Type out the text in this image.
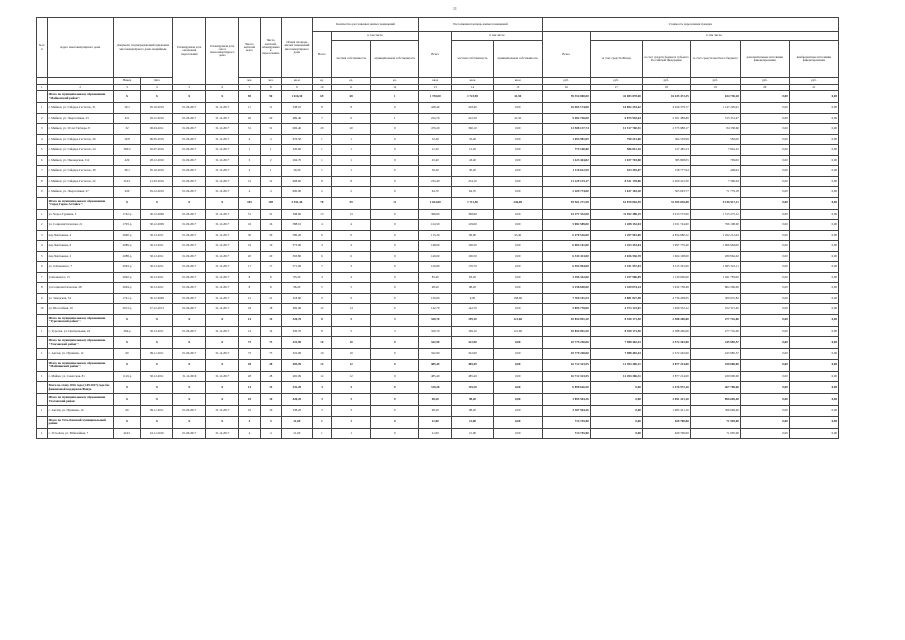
11
№ п/п	Адрес многоквартирного дома	Документ, подтверждающий признание многоквартирного дома аварийным		Планируемая дата окончания переселения	Планируемая дата сноса многоквартирного дома	Число жителей всего	Число жителей, планируемых к переселению	Общая площадь жилых помещений многоквартирного дома	Количество расселяемых жилых помещений			Расселяемая площадь жилых помещений			Стоимость переселения граждан					
									Всего	в том числе		Всего	в том числе		Всего	в том числе:				
										частная собственность	муниципальная собственность		частная собственность	муниципальная собственность		за счет средств Фонда	за счет средств бюджета субъекта Российской Федерации	за счет средств местного бюджета	дополнительные источники финансирования	внебюджетные источники финансирования
		Номер	Дата			чел.	чел.	кв.м	ед.	ед.	ед.	кв.м	кв.м	кв.м	руб.	руб.	руб.	руб.	руб.	руб.
1	2	3	4	5	6	7	8	9	10	11	12	13	14	15	16	17	18	19	20	21
	Итого по муниципальному образованию "Майкопский район":	X	X	X	X	90	90	1 616,30	69	68	1	1 730,00	1 723,90	41,50	59 354 000,00	42 083 878,00	16 635 472,35	634 730,28	0,00	0,00
1	г. Майкоп, ул. Гайдара-Гастелло, 31	16/1	05.10.2010	01.09.2017	31.12.2017	11	11	338,10	8	8	0	428,40	418,40	0,00	16 965 174,00	10 892 253,62	4 926 379,77	1 147 220,61	0,00	0,00
2	г. Майкоп, ул. Энергетиков, 23	421	29.12.2010	01.09.2017	31.12.2017	20	20	489,40	7	6	1	224,70	222,50	41,50	9 482 740,00	6 875 918,64	2 501 489,89	315 331,47	0,00	0,00
3	г. Майкоп, ул. 50 лет Победы, 8	32	06.04.2011	01.09.2017	31.12.2017	31	31	606,40	20	20	0	479,20	360,10	0,00	13 508 137,74	12 517 760,91	2 375 988,17	84 338,66	0,00	0,00
4	г. Майкоп, ул. Гайдара-Гастелло, 26	16/8	06.05.2016	01.09.2017	31.12.2017	4	4	676,50	1	1	0	32,40	32,40	0,00	1 694 981,09	790 213,00	364 559,98	582,00	0,00	0,00
5	г. Майкоп, ул. Гайдара-Гастелло, 24	366/2	02.07.2016	01.09.2017	31.12.2017	1	1	320,60	1	1	0	12,20	12,20	0,00	774 160,00	586 812,10	127 485,23	7 842,22	0,00	0,00
6	г. Майкоп, ул. Пионерская, 312	429	28.12.2016	01.09.2017	31.12.2017	3	2	294,70	1	1	0	43,40	43,40	0,00	1 423 444,82	1 037 703,80	385 808,05	709,00	0,00	0,00
7	г. Майкоп, ул. Гайдара-Гастелло, 30	39/1	05.10.2016	01.09.2017	31.12.2017	4	1	30,20	1	1	0	30,20	30,20	0,00	1 110 612,59	923 392,07	158 777,94	448,64	0,00	0,00
8	г. Майкоп, ул. Гайдара-Гастелло, 22	216/1	21.03.2016	01.09.2017	31.12.2017	12	12	608,60	8	8	0	233,40	234,10	0,00	11 229 133,17	8 521 178,86	2 209 415,50	7 306,04	0,00	0,00
9	г. Майкоп, ул. Энергетиков, 27	420	29.12.2010	01.09.2017	31.12.2017	4	4	600,90	2	2	0	64,70	64,70	0,00	2 169 774,00	1 627 103,20	505 093,77	71 779,18	0,00	0,00
	Итого по муниципальному образованию "Город Горно-Алтайск":	X	X	X	X	185	185	3 941,40	78	59	11	2 623,00	1 711,50	246,00	93 561 271,58	61 870 065,59	31 305 036,08	9 156 917,11	0,00	0,00
1	ул. Чорос-Гуркина, 5	1742-р	30.12.2009	01.09.2017	31.12.2017	31	31	398,60	13	13	0	398,60	398,60	0,00	15 277 332,00	11 592 380,19	3 913 575,00	1 515 275,12	0,00	0,00
2	ул. Социалистическая, 21	1793-р	30.12.2009	01.09.2017	31.12.2017	16	16	388,10	4	4	0	124,50	129,00	0,00	5 082 589,00	1 208 152,04	1 031 744,00	796 198,00	0,00	0,00
3	пер.Чаптыкова, 4	2090-р	30.12.2011	01.09.2017	31.12.2017	30	30	580,20	6	6	0	115,20	99,00	45,40	6 470 516,00	1 297 901,00	4 854 680,52	1 292 212,64	0,00	0,00
4	пер.Чаптыкова, 6	2089-р	30.12.2011	01.09.2017	31.12.2017	19	19	373,90	4	4	0	148,00	106,50	0,00	6 004 161,00	1 423 353,04	1 997 770,40	1 066 964,00	0,00	0,00
5	пер.Чаптыкова, 2	2088-р	30.12.2011	01.09.2017	31.12.2017	20	20	393,80	6	6	0	149,00	106,50	0,00	6 343 413,00	4 656 536,78	1 604 108,00	280 864,02	0,00	0,00
6	ул. О.Кошевого, 7	2093-р	30.12.2011	01.09.2017	31.12.2017	17	17	571,00	7	3	6	129,90	176,70	0,00	6 594 964,00	3 251 557,03	3 315 301,00	1 695 322,11	0,00	0,00
7	ул.Кошевого, 15	2092-р	30.12.2011	01.09.2017	31.12.2017	8	8	83,20	4	4	0	83,20	83,20	0,00	3 396 342,00	1 257 906,09	1 130 000,00	1 041 783,00	0,00	0,00
8	ул.Социалистическая, 28	2094-р	30.12.2011	01.09.2017	31.12.2017	8	8	98,20	5	5	0	98,20	98,20	0,00	5 158 650,00	1 359 074,24	1 932 738,48	862 269,00	0,00	0,00
9	ул. Заводская, 34	1741-р	30.12.2009	01.09.2017	31.12.2017	21	21	318,60	9	9	0	130,60	0,00	198,60	7 769 101,54	4 881 827,98	4 736 298,05	300 972,82	0,00	0,00
10	ул. Шоссейная, 10	2613-р	27.12.2013	01.09.2017	31.12.2017	18	18	382,90	14	14	0	142,70	142,70	0,00	5 895 778,00	4 373 123,01	1 496 352,12	102 315,62	0,00	0,00
	Итого по муниципальному образованию "Турочакский район":	X	X	X	X	14	14	320,70	8	5	3	320,70	199,10	121,60	10 854 091,30	8 350 171,50	2 588 200,00	277 716,00	0,00	0,00
1	с. Турочак, ул. Центральная, 24	394-р	30.12.2011	01.09.2017	31.12.2017	14	14	320,70	8	5	3	320,70	199,10	121,60	10 854 091,30	8 350 171,50	2 588 200,00	277 716,00	0,00	0,00
	Итого по муниципальному образованию "Улаганский район":	X	X	X	X	73	73	322,90	10	10	0	322,90	322,90	0,00	10 779 240,00	7 988 402,43	2 572 202,00	245 985,57	0,00	0,00
1	с. Акташ, ул. Пушкина, 12	60	09.11.2011	01.09.2017	31.12.2017	73	73	322,90	10	10	0	322,90	322,90	0,00	10 779 240,00	7 988 402,43	2 572 202,00	245 985,57	0,00	0,00
	Итого по муниципальному образованию "Майминский район":	X	X	X	X	28	28	495,99	12	12	0	485,49	485,49	0,00	16 712 323,55	12 494 306,31	3 877 214,00	430 000,00	0,00	0,00
1	с. Майма, ул. Советская, 81	1119-р	30.12.2011	31.12.2016	31.12.2017	28	28	495,99	12	12	0	485,49	485,49	0,00	16 712 323,55	12 494 306,31	3 877 214,00	430 000,00	0,00	0,00
	Всего по этапу 2016 года (1.09.2017) года без финансовой поддержки Фонда	X	X	X	X	14	14	341,20	4	4	0	319,20	119,20	0,00	6 898 626,50	0,00	2 476 972,10	467 708,60	0,00	0,00
	Итого по муниципальному образованию Улаганский район:	X	X	X	X	10	10	420,20	3	3	0	98,20	98,20	0,00	3 895 504,36	0,00	2 091 321,10	896 669,40	0,00	0,00
1	с. Акташ, ул. Пушкина, 14	60	09.11.2011	01.09.2017	31.12.2017	10	10	338,20	3	3	0	98,20	98,20	0,00	3 387 504,36	0,00	1 985 321,10	396 669,40	0,00	0,00
	Итого по Усть-Канский муниципальный район:	X	X	X	X	4	4	21,00	1	1	0	21,00	21,00	0,00	714 745,00	0,00	629 700,00	71 905,00	0,00	0,00
1	с. Усть-Кан, ул. Юбилейная, 7	416/1	22.11.2016	01.09.2017	31.12.2017	4	4	21,00	1	1	0	21,00	21,00	0,00	714 745,00	0,00	629 700,00	71 905,00	0,00	0,00
